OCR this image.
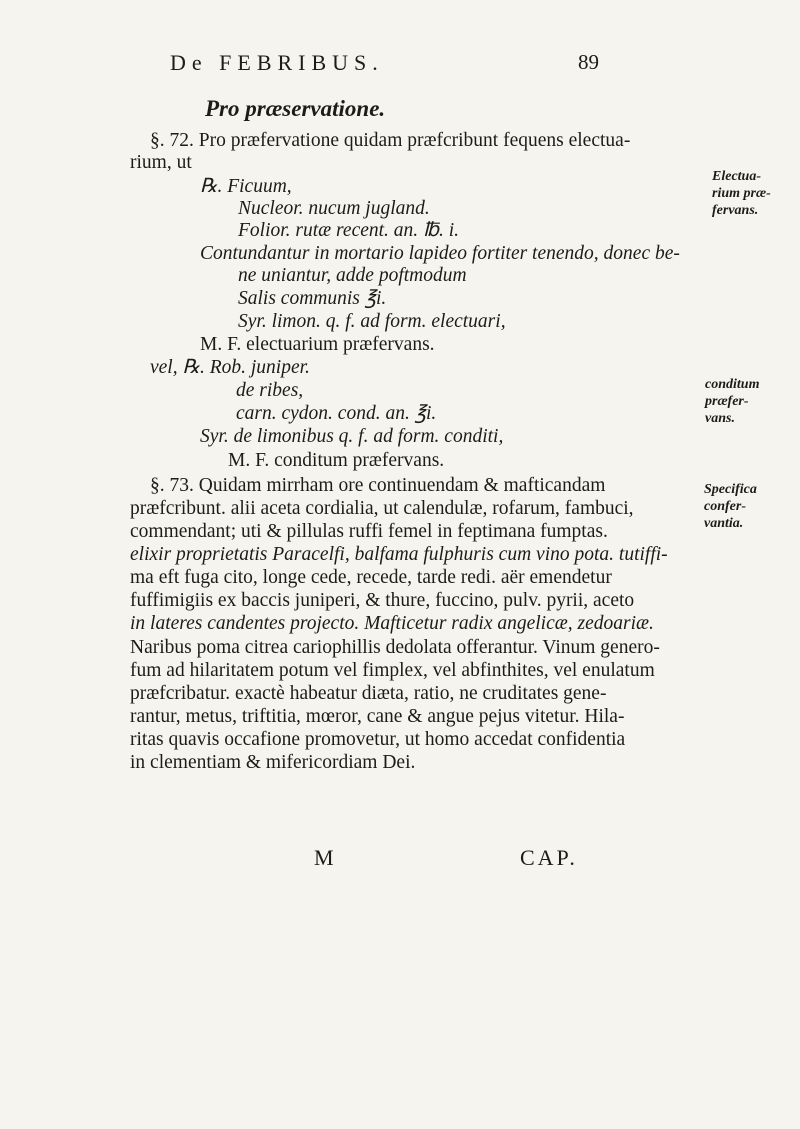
De FEBRIBUS.	89
Pro præservatione.
§. 72. Pro præfervatione quidam præfcribunt fequens electua-
rium, ut
℞. Ficuum,
Nucleor. nucum jugland.
Folior. rutæ recent. an. ℔. i.
Contundantur in mortario lapideo fortiter tenendo, donec be-
ne uniantur, adde poftmodum
Salis communis ℥i.
Syr. limon. q. f. ad form. electuari,
M. F. electuarium præfervans.
vel, ℞. Rob. juniper.
de ribes,
carn. cydon. cond. an. ℥i.
Syr. de limonibus q. f. ad form. conditi,
M. F. conditum præfervans.
§. 73. Quidam mirrham ore continuendam & mafticandam
præfcribunt. alii aceta cordialia, ut calendulæ, rofarum, fambuci,
commendant; uti & pillulas ruffi femel in feptimana fumptas.
elixir proprietatis Paracelfi, balfama fulphuris cum vino pota. tutiffi-
ma eft fuga cito, longe cede, recede, tarde redi. aër emendetur
fuffimigiis ex baccis juniperi, & thure, fuccino, pulv. pyrii, aceto
in lateres candentes projecto. Mafticetur radix angelicæ, zedoariæ.
Naribus poma citrea cariophillis dedolata offerantur. Vinum genero-
fum ad hilaritatem potum vel fimplex, vel abfinthites, vel enulatum
præfcribatur. exactè habeatur diæta, ratio, ne cruditates gene-
rantur, metus, triftitia, mœror, cane & angue pejus vitetur. Hila-
ritas quavis occafione promovetur, ut homo accedat confidentia
in clementiam & mifericordiam Dei.
Electua-
rium præ-
fervans.
conditum
præfer-
vans.
Specifica
confer-
vantia.
M	CAP.
